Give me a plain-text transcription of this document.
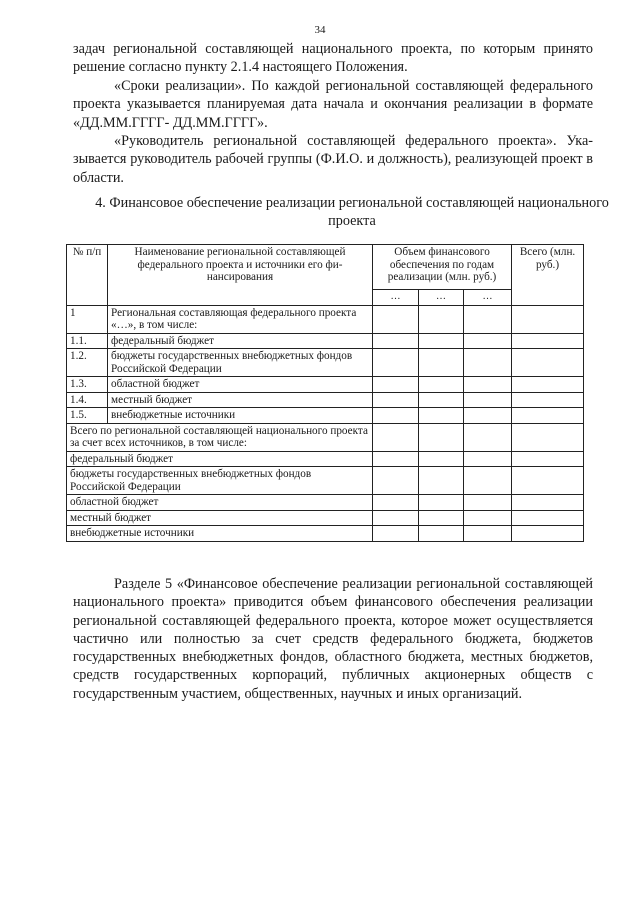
34

задач региональной составляющей национального проекта, по которым принято решение согласно пункту 2.1.4 настоящего Положения.

«Сроки реализации». По каждой региональной составляющей федерального проекта указывается планируемая дата начала и окончания реализации в формате «ДД.ММ.ГГГГ- ДД.ММ.ГГГГ».

«Руководитель региональной составляющей федерального проекта». Указывается руководитель рабочей группы (Ф.И.О. и должность), реализующей проект в области.

4. Финансовое обеспечение реализации региональной составляющей национального проекта

№ п/п	Наименование региональной составляющей федерального проекта и источники его финансирования	Объем финансового обеспечения по годам реализации (млн. руб.)			Всего (млн. руб.)
		…	…	…	
1	Региональная составляющая федерального проекта «…», в том числе:				
1.1.	федеральный бюджет				
1.2.	бюджеты государственных внебюджетных фондов Российской Федерации				
1.3.	областной бюджет				
1.4.	местный бюджет				
1.5.	внебюджетные источники				
Всего по региональной составляющей национального проекта за счет всех источников, в том числе:					
федеральный бюджет					
бюджеты государственных внебюджетных фондов Российской Федерации					
областной бюджет					
местный бюджет					
внебюджетные источники					

Разделе 5 «Финансовое обеспечение реализации региональной составляющей национального проекта» приводится объем финансового обеспечения реализации региональной составляющей федерального проекта, которое может осуществляется частично или полностью за счет средств федерального бюджета, бюджетов государственных внебюджетных фондов, областного бюджета, местных бюджетов, средств государственных корпораций, публичных акционерных обществ с государственным участием, общественных, научных и иных организаций.
